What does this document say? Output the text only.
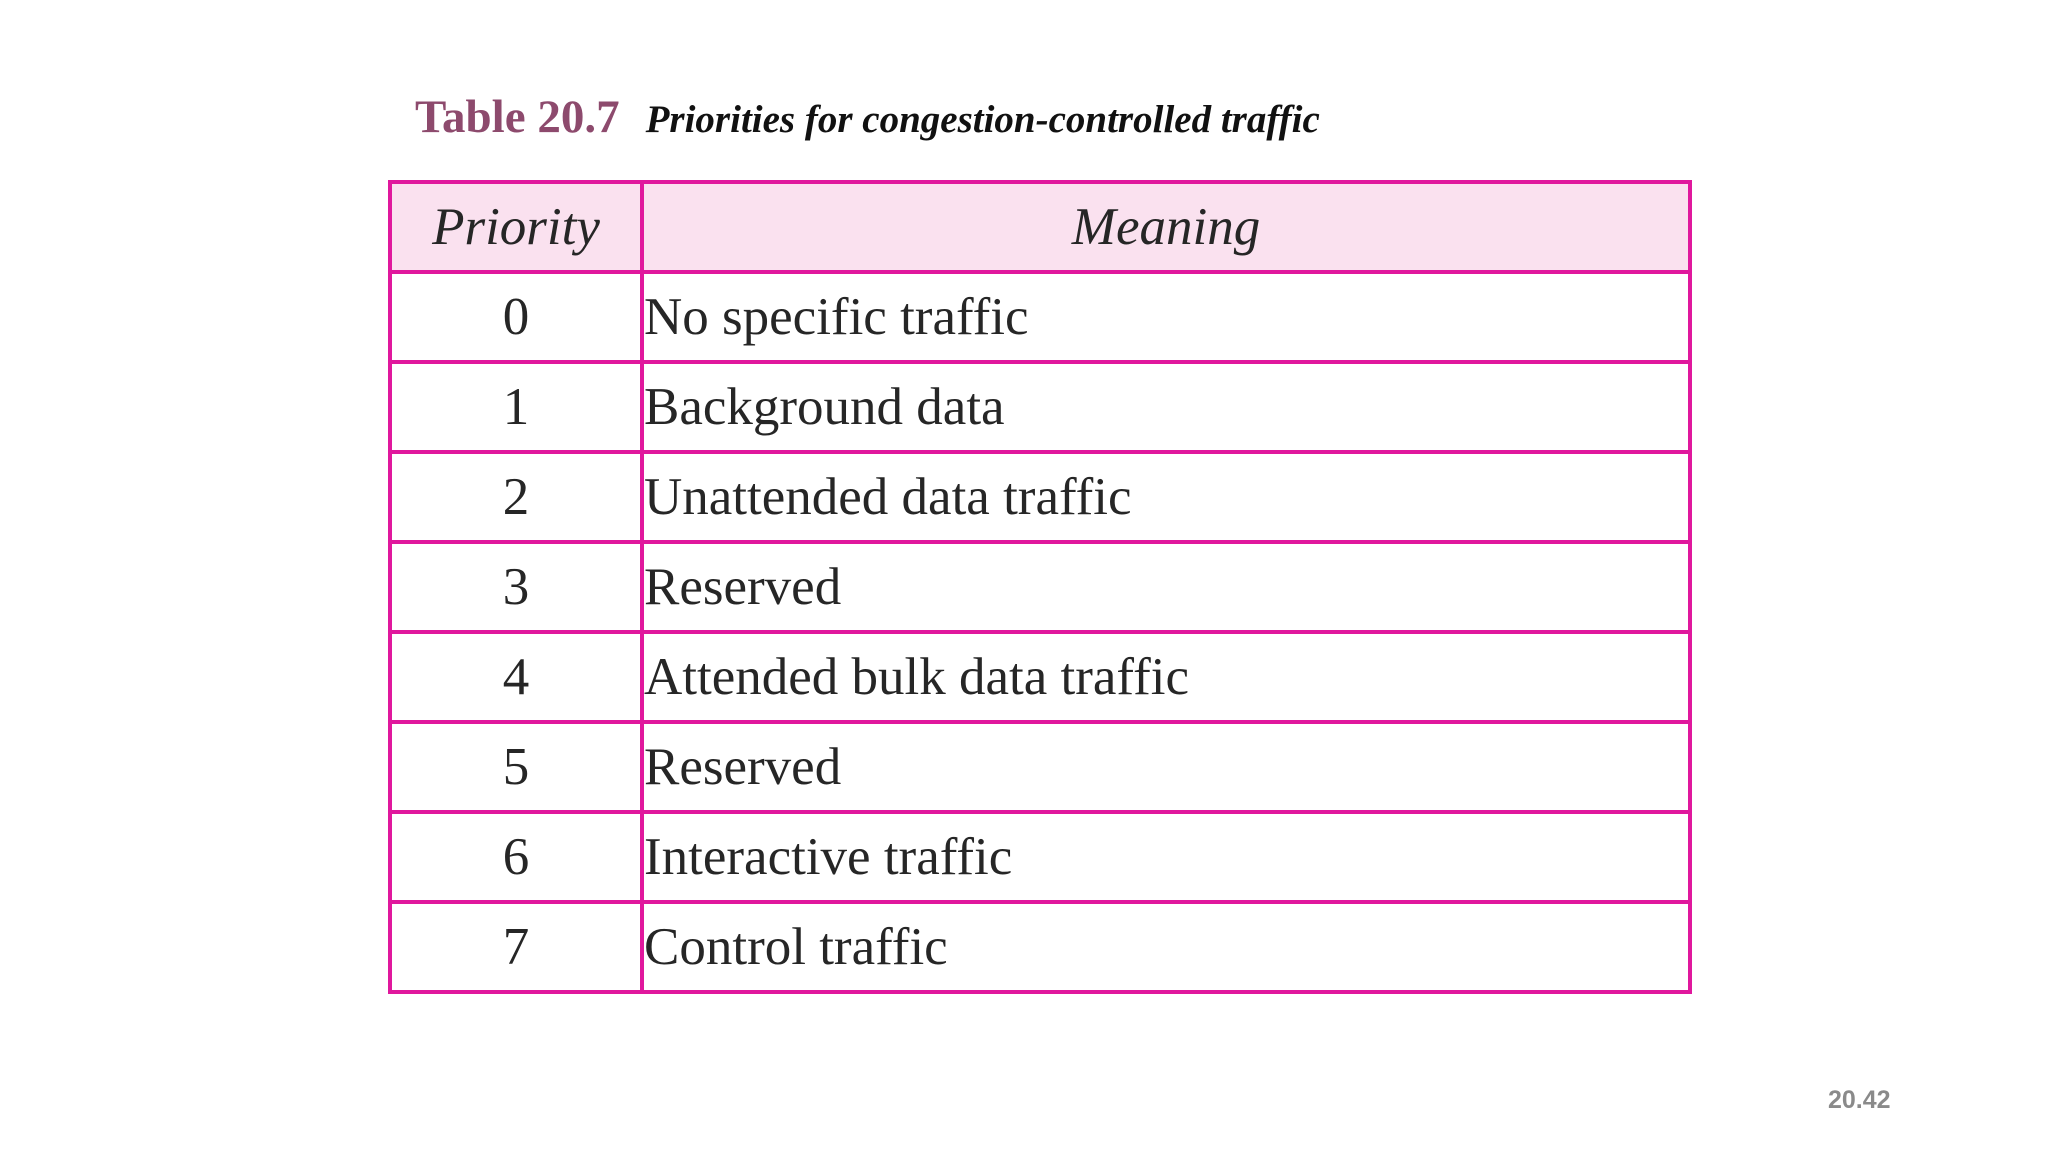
Table 20.7 Priorities for congestion-controlled traffic
Priority	Meaning
0	No specific traffic
1	Background data
2	Unattended data traffic
3	Reserved
4	Attended bulk data traffic
5	Reserved
6	Interactive traffic
7	Control traffic
20.42
